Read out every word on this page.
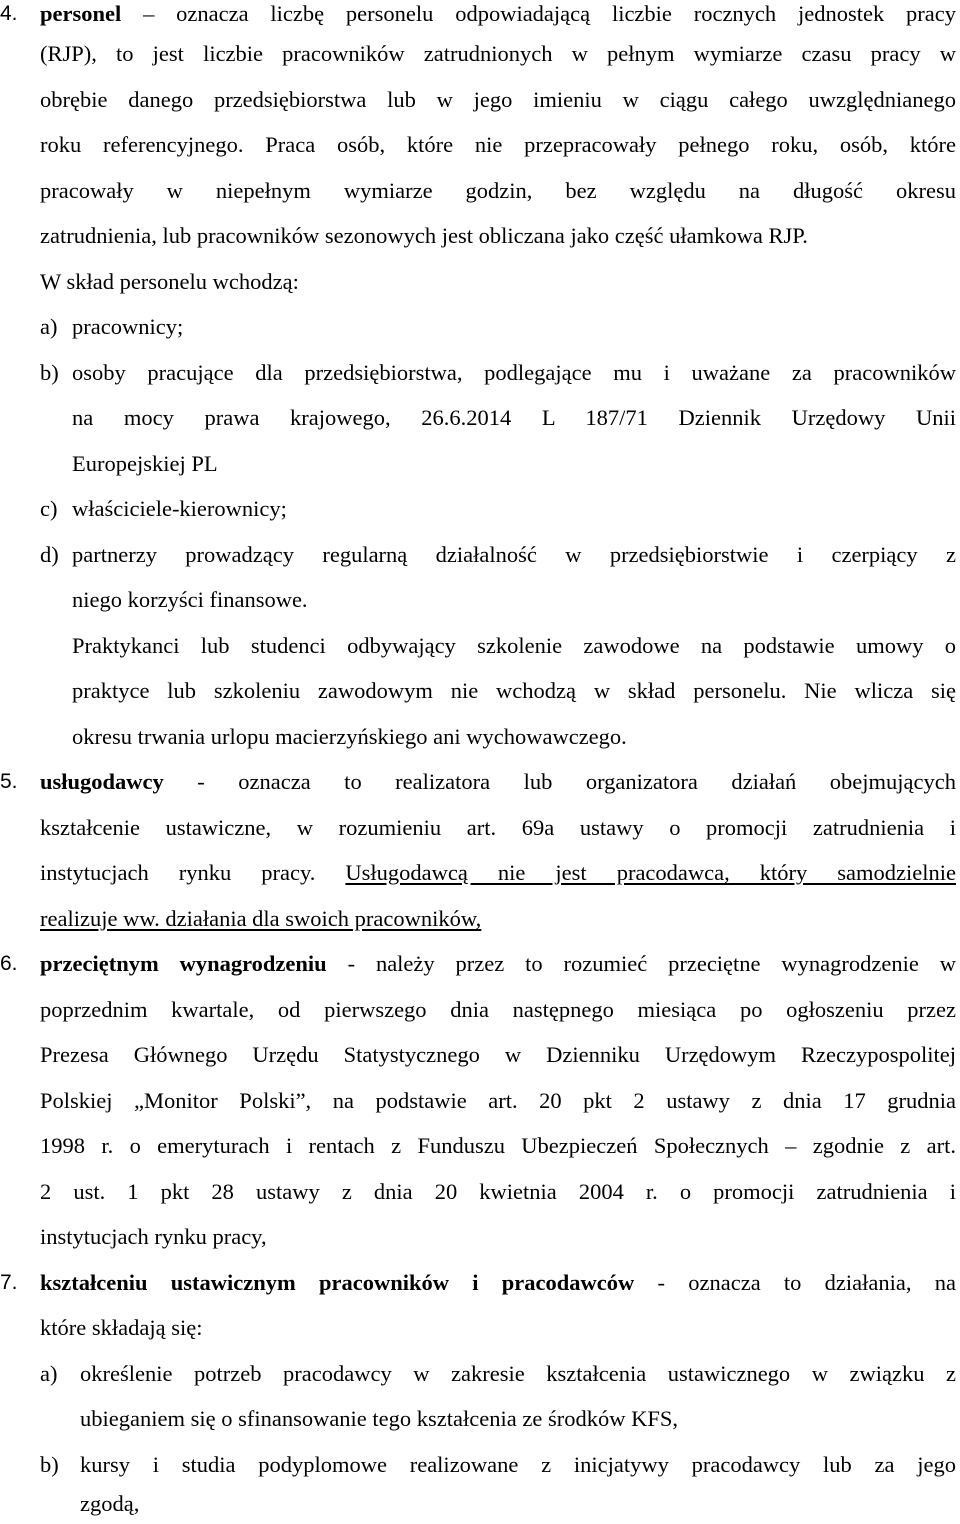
4. personel – oznacza liczbę personelu odpowiadającą liczbie rocznych jednostek pracy
(RJP), to jest liczbie pracowników zatrudnionych w pełnym wymiarze czasu pracy w
obrębie danego przedsiębiorstwa lub w jego imieniu w ciągu całego uwzględnianego
roku referencyjnego. Praca osób, które nie przepracowały pełnego roku, osób, które
pracowały w niepełnym wymiarze godzin, bez względu na długość okresu
zatrudnienia, lub pracowników sezonowych jest obliczana jako część ułamkowa RJP.
W skład personelu wchodzą:
a) pracownicy;
b) osoby pracujące dla przedsiębiorstwa, podlegające mu i uważane za pracowników
na mocy prawa krajowego, 26.6.2014 L 187/71 Dziennik Urzędowy Unii
Europejskiej PL
c) właściciele-kierownicy;
d) partnerzy prowadzący regularną działalność w przedsiębiorstwie i czerpiący z
niego korzyści finansowe.
Praktykanci lub studenci odbywający szkolenie zawodowe na podstawie umowy o
praktyce lub szkoleniu zawodowym nie wchodzą w skład personelu. Nie wlicza się
okresu trwania urlopu macierzyńskiego ani wychowawczego.
5. usługodawcy - oznacza to realizatora lub organizatora działań obejmujących
kształcenie ustawiczne, w rozumieniu art. 69a ustawy o promocji zatrudnienia i
instytucjach rynku pracy. Usługodawcą nie jest pracodawca, który samodzielnie
realizuje ww. działania dla swoich pracowników,
6. przeciętnym wynagrodzeniu - należy przez to rozumieć przeciętne wynagrodzenie w
poprzednim kwartale, od pierwszego dnia następnego miesiąca po ogłoszeniu przez
Prezesa Głównego Urzędu Statystycznego w Dzienniku Urzędowym Rzeczypospolitej
Polskiej „Monitor Polski”, na podstawie art. 20 pkt 2 ustawy z dnia 17 grudnia
1998 r. o emeryturach i rentach z Funduszu Ubezpieczeń Społecznych – zgodnie z art.
2 ust. 1 pkt 28 ustawy z dnia 20 kwietnia 2004 r. o promocji zatrudnienia i
instytucjach rynku pracy,
7. kształceniu ustawicznym pracowników i pracodawców - oznacza to działania, na
które składają się:
a) określenie potrzeb pracodawcy w zakresie kształcenia ustawicznego w związku z
ubieganiem się o sfinansowanie tego kształcenia ze środków KFS,
b) kursy i studia podyplomowe realizowane z inicjatywy pracodawcy lub za jego
zgodą,
